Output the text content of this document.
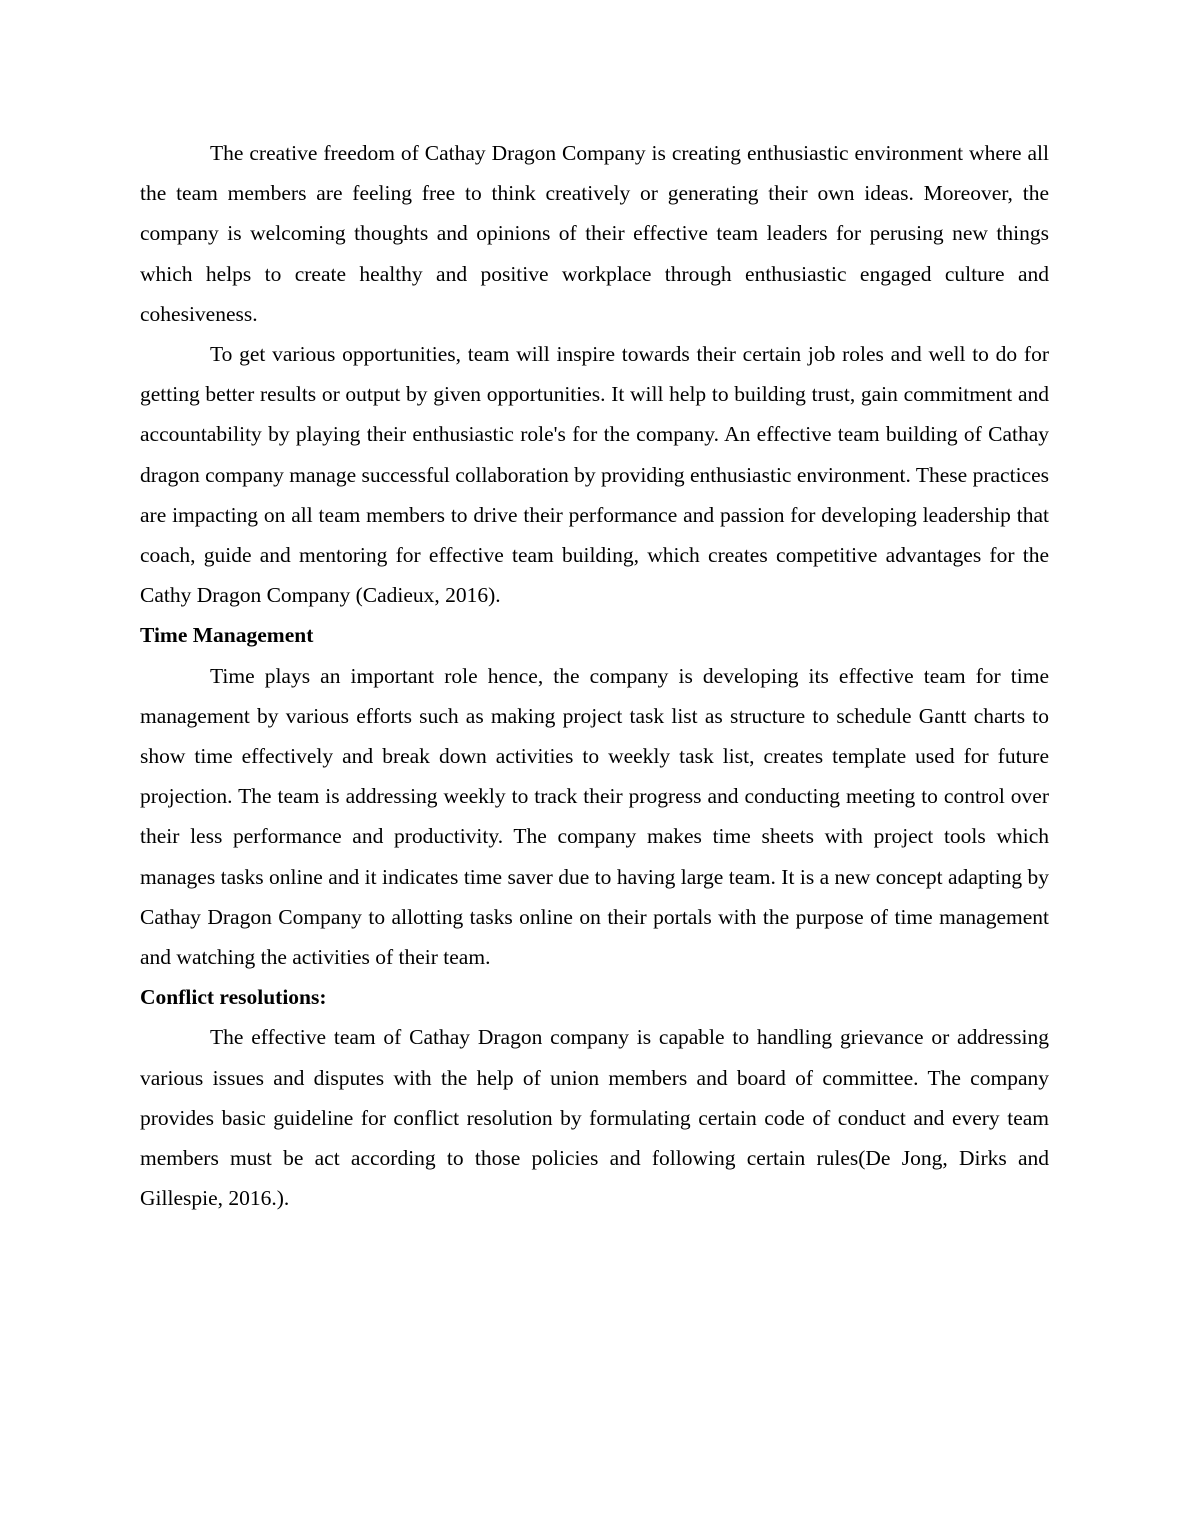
The creative freedom of Cathay Dragon Company is creating enthusiastic environment where all the team members are feeling free to think creatively or generating their own ideas. Moreover, the company is welcoming thoughts and opinions of their effective team leaders for perusing new things which helps to create healthy and positive workplace through enthusiastic engaged culture and cohesiveness.

To get various opportunities, team will inspire towards their certain job roles and well to do for getting better results or output by given opportunities. It will help to building trust, gain commitment and accountability by playing their enthusiastic role's for the company. An effective team building of Cathay dragon company manage successful collaboration by providing enthusiastic environment. These practices are impacting on all team members to drive their performance and passion for developing leadership that coach, guide and mentoring for effective team building, which creates competitive advantages for the Cathy Dragon Company (Cadieux, 2016).

Time Management

Time plays an important role hence, the company is developing its effective team for time management by various efforts such as making project task list as structure to schedule Gantt charts to show time effectively and break down activities to weekly task list, creates template used for future projection. The team is addressing weekly to track their progress and conducting meeting to control over their less performance and productivity. The company makes time sheets with project tools which manages tasks online and it indicates time saver due to having large team. It is a new concept adapting by Cathay Dragon Company to allotting tasks online on their portals with the purpose of time management and watching the activities of their team.

Conflict resolutions:

The effective team of Cathay Dragon company is capable to handling grievance or addressing various issues and disputes with the help of union members and board of committee. The company provides basic guideline for conflict resolution by formulating certain code of conduct and every team members must be act according to those policies and following certain rules(De Jong, Dirks and Gillespie, 2016.).
